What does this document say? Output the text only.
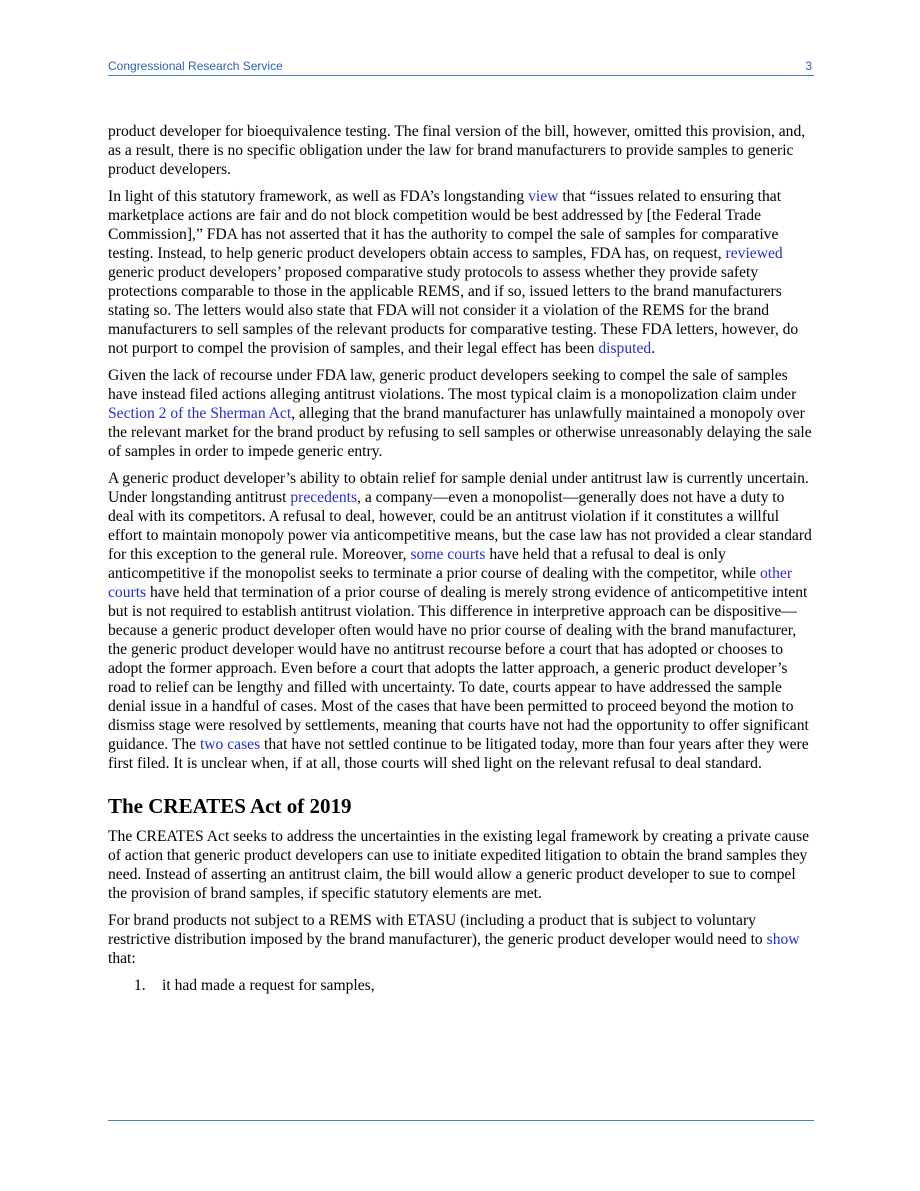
Congressional Research Service	3

product developer for bioequivalence testing. The final version of the bill, however, omitted this provision, and, as a result, there is no specific obligation under the law for brand manufacturers to provide samples to generic product developers.

In light of this statutory framework, as well as FDA’s longstanding view that “issues related to ensuring that marketplace actions are fair and do not block competition would be best addressed by [the Federal Trade Commission],” FDA has not asserted that it has the authority to compel the sale of samples for comparative testing. Instead, to help generic product developers obtain access to samples, FDA has, on request, reviewed generic product developers’ proposed comparative study protocols to assess whether they provide safety protections comparable to those in the applicable REMS, and if so, issued letters to the brand manufacturers stating so. The letters would also state that FDA will not consider it a violation of the REMS for the brand manufacturers to sell samples of the relevant products for comparative testing. These FDA letters, however, do not purport to compel the provision of samples, and their legal effect has been disputed.

Given the lack of recourse under FDA law, generic product developers seeking to compel the sale of samples have instead filed actions alleging antitrust violations. The most typical claim is a monopolization claim under Section 2 of the Sherman Act, alleging that the brand manufacturer has unlawfully maintained a monopoly over the relevant market for the brand product by refusing to sell samples or otherwise unreasonably delaying the sale of samples in order to impede generic entry.

A generic product developer’s ability to obtain relief for sample denial under antitrust law is currently uncertain. Under longstanding antitrust precedents, a company—even a monopolist—generally does not have a duty to deal with its competitors. A refusal to deal, however, could be an antitrust violation if it constitutes a willful effort to maintain monopoly power via anticompetitive means, but the case law has not provided a clear standard for this exception to the general rule. Moreover, some courts have held that a refusal to deal is only anticompetitive if the monopolist seeks to terminate a prior course of dealing with the competitor, while other courts have held that termination of a prior course of dealing is merely strong evidence of anticompetitive intent but is not required to establish antitrust violation. This difference in interpretive approach can be dispositive—because a generic product developer often would have no prior course of dealing with the brand manufacturer, the generic product developer would have no antitrust recourse before a court that has adopted or chooses to adopt the former approach. Even before a court that adopts the latter approach, a generic product developer’s road to relief can be lengthy and filled with uncertainty. To date, courts appear to have addressed the sample denial issue in a handful of cases. Most of the cases that have been permitted to proceed beyond the motion to dismiss stage were resolved by settlements, meaning that courts have not had the opportunity to offer significant guidance. The two cases that have not settled continue to be litigated today, more than four years after they were first filed. It is unclear when, if at all, those courts will shed light on the relevant refusal to deal standard.

The CREATES Act of 2019

The CREATES Act seeks to address the uncertainties in the existing legal framework by creating a private cause of action that generic product developers can use to initiate expedited litigation to obtain the brand samples they need. Instead of asserting an antitrust claim, the bill would allow a generic product developer to sue to compel the provision of brand samples, if specific statutory elements are met.

For brand products not subject to a REMS with ETASU (including a product that is subject to voluntary restrictive distribution imposed by the brand manufacturer), the generic product developer would need to show that:

1. it had made a request for samples,
